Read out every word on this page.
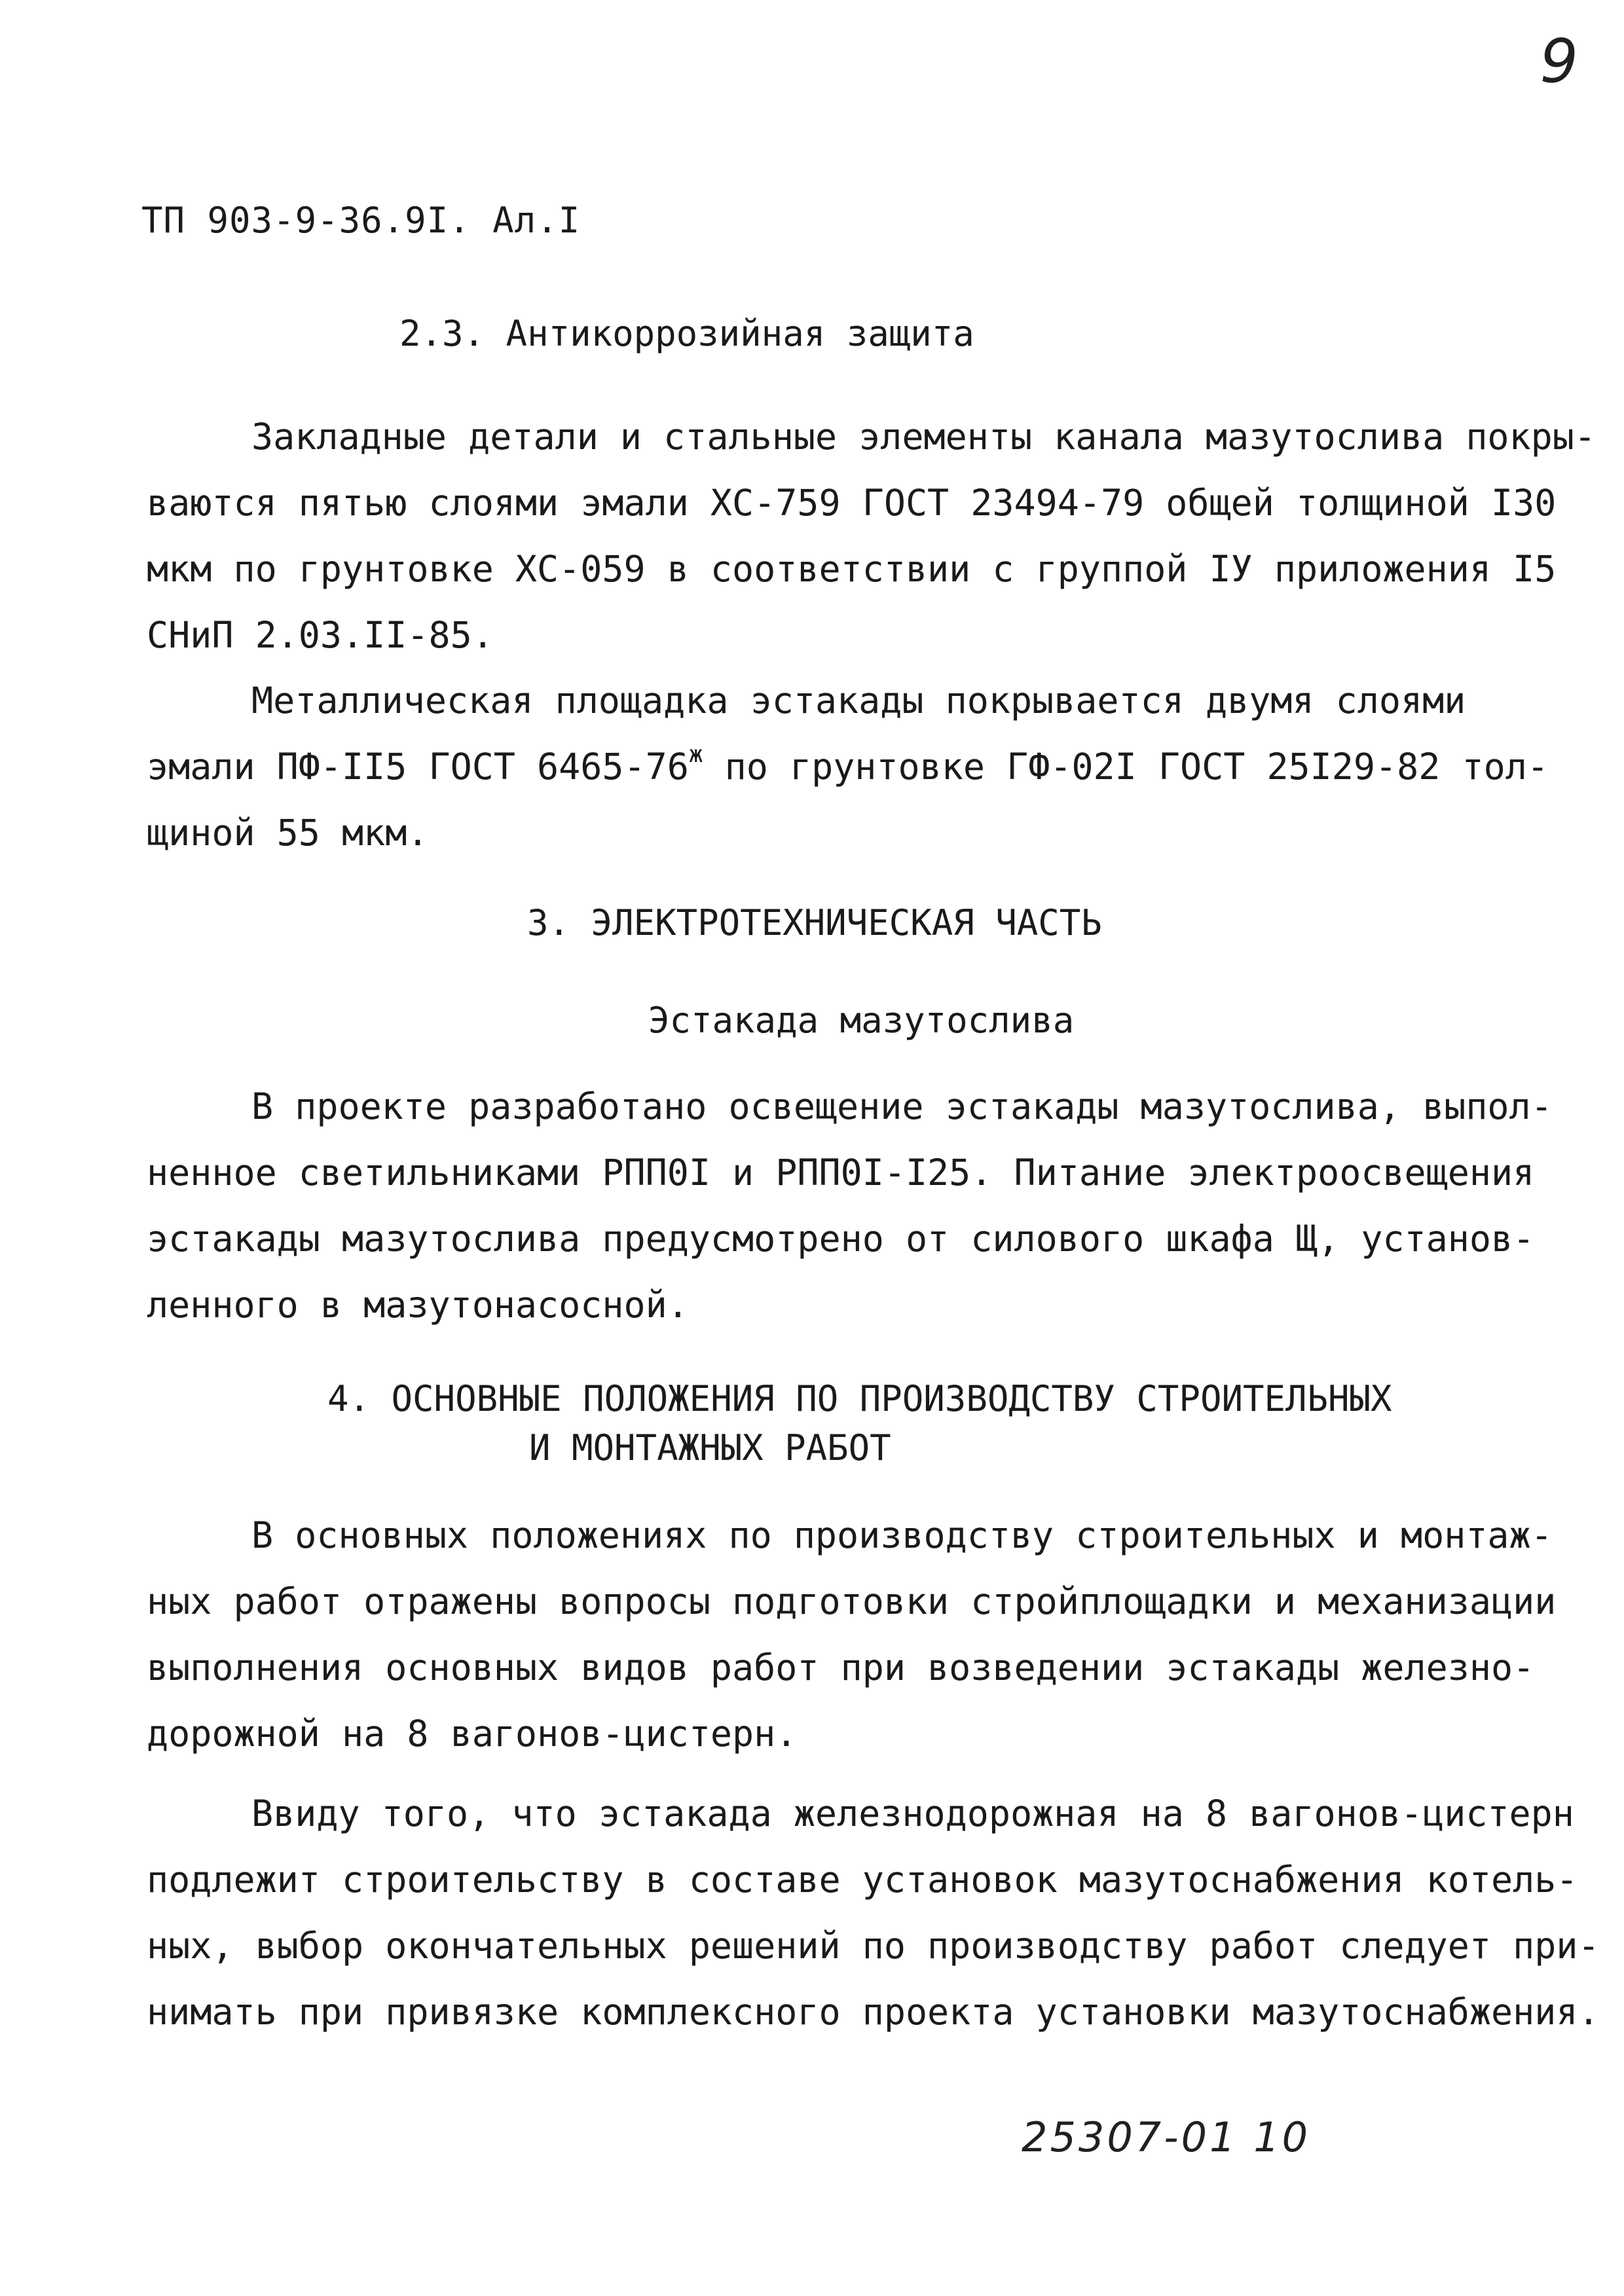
9
ТП 903-9-36.9I. Ал.I
2.3. Антикоррозийная защита
Закладные детали и стальные элементы канала мазутослива покры-
ваются пятью слоями эмали ХС-759 ГОСТ 23494-79 общей толщиной I30
мкм по грунтовке ХС-059 в соответствии с группой IУ приложения I5
СНиП 2.03.II-85.
Металлическая площадка эстакады покрывается двумя слоями
эмали ПФ-II5 ГОСТ $6465-76^ж$ по грунтовке ГФ-02I ГОСТ 25I29-82 тол-
щиной 55 мкм.
3. ЭЛЕКТРОТЕХНИЧЕСКАЯ ЧАСТЬ
Эстакада мазутослива
В проекте разработано освещение эстакады мазутослива, выпол-
ненное светильниками РПП0I и РПП0I-I25. Питание электроосвещения
эстакады мазутослива предусмотрено от силового шкафа Щ, установ-
ленного в мазутонасосной.
4. ОСНОВНЫЕ ПОЛОЖЕНИЯ ПО ПРОИЗВОДСТВУ СТРОИТЕЛЬНЫХ
И МОНТАЖНЫХ РАБОТ
В основных положениях по производству строительных и монтаж-
ных работ отражены вопросы подготовки стройплощадки и механизации
выполнения основных видов работ при возведении эстакады железно-
дорожной на 8 вагонов-цистерн.
Ввиду того, что эстакада железнодорожная на 8 вагонов-цистерн
подлежит строительству в составе установок мазутоснабжения котель-
ных, выбор окончательных решений по производству работ следует при-
нимать при привязке комплексного проекта установки мазутоснабжения.
25307-01 10
